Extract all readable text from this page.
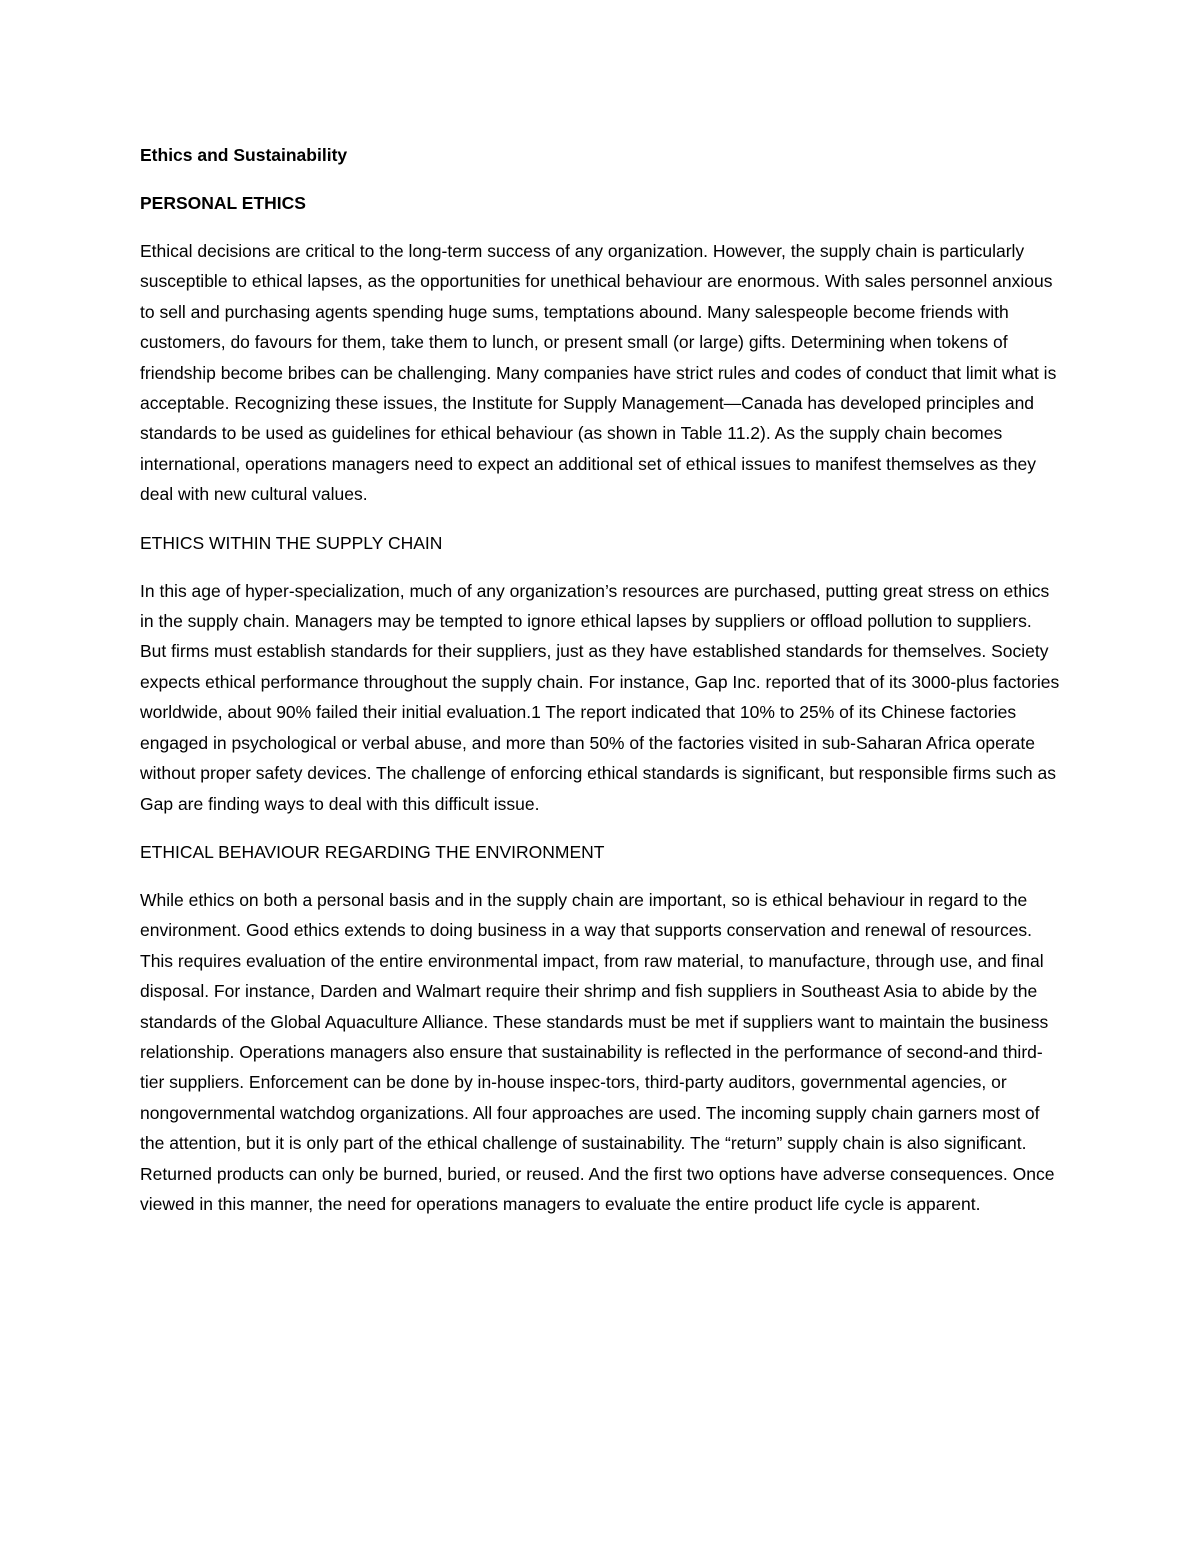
Ethics and Sustainability
PERSONAL ETHICS

Ethical decisions are critical to the long-term success of any organization. However, the supply chain is particularly susceptible to ethical lapses, as the opportunities for unethical behaviour are enormous. With sales personnel anxious to sell and purchasing agents spending huge sums, temptations abound. Many salespeople become friends with customers, do favours for them, take them to lunch, or present small (or large) gifts. Determining when tokens of friendship become bribes can be challenging. Many companies have strict rules and codes of conduct that limit what is acceptable. Recognizing these issues, the Institute for Supply Management—Canada has developed principles and standards to be used as guidelines for ethical behaviour (as shown in Table 11.2). As the supply chain becomes international, operations managers need to expect an additional set of ethical issues to manifest themselves as they deal with new cultural values.

ETHICS WITHIN THE SUPPLY CHAIN

In this age of hyper-specialization, much of any organization’s resources are purchased, putting great stress on ethics in the supply chain. Managers may be tempted to ignore ethical lapses by suppliers or offload pollution to suppliers. But firms must establish standards for their suppliers, just as they have established standards for themselves. Society expects ethical performance throughout the supply chain. For instance, Gap Inc. reported that of its 3000-plus factories worldwide, about 90% failed their initial evaluation.1 The report indicated that 10% to 25% of its Chinese factories engaged in psychological or verbal abuse, and more than 50% of the factories visited in sub-Saharan Africa operate without proper safety devices. The challenge of enforcing ethical standards is significant, but responsible firms such as Gap are finding ways to deal with this difficult issue.

ETHICAL BEHAVIOUR REGARDING THE ENVIRONMENT

While ethics on both a personal basis and in the supply chain are important, so is ethical behaviour in regard to the environment. Good ethics extends to doing business in a way that supports conservation and renewal of resources. This requires evaluation of the entire environmental impact, from raw material, to manufacture, through use, and final disposal. For instance, Darden and Walmart require their shrimp and fish suppliers in Southeast Asia to abide by the standards of the Global Aquaculture Alliance. These standards must be met if suppliers want to maintain the business relationship. Operations managers also ensure that sustainability is reflected in the performance of second-and third-tier suppliers. Enforcement can be done by in-house inspec-tors, third-party auditors, governmental agencies, or nongovernmental watchdog organizations. All four approaches are used. The incoming supply chain garners most of the attention, but it is only part of the ethical challenge of sustainability. The “return” supply chain is also significant. Returned products can only be burned, buried, or reused. And the first two options have adverse consequences. Once viewed in this manner, the need for operations managers to evaluate the entire product life cycle is apparent.
